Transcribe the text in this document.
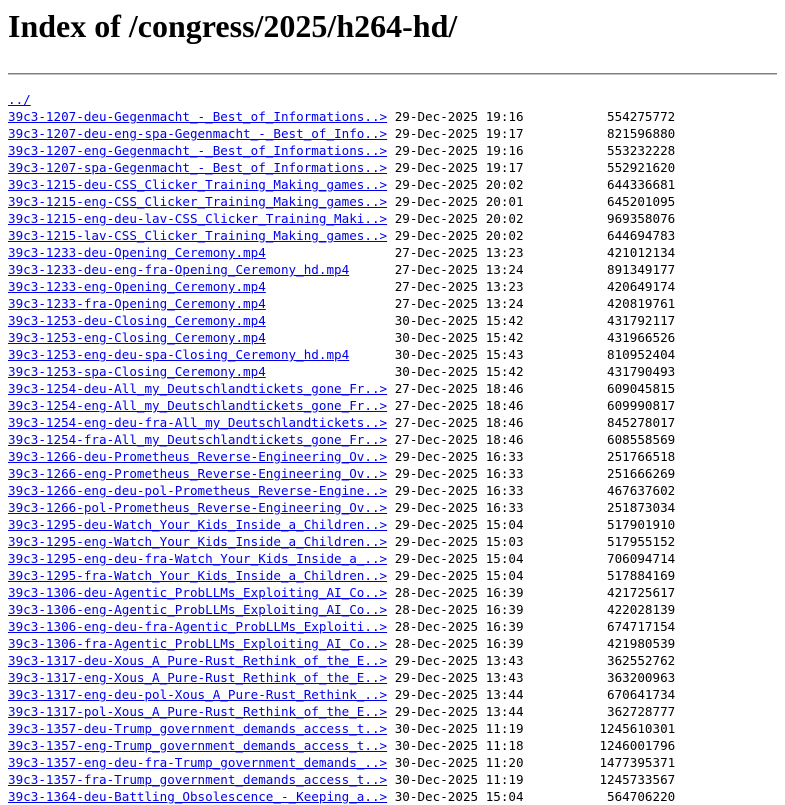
Index of /congress/2025/h264-hd/
../
39c3-1207-deu-Gegenmacht_-_Best_of_Informations..> 29-Dec-2025 19:16	554275772
39c3-1207-deu-eng-spa-Gegenmacht_-_Best_of_Info..> 29-Dec-2025 19:17	821596880
39c3-1207-eng-Gegenmacht_-_Best_of_Informations..> 29-Dec-2025 19:16	553232228
39c3-1207-spa-Gegenmacht_-_Best_of_Informations..> 29-Dec-2025 19:17	552921620
39c3-1215-deu-CSS_Clicker_Training_Making_games..> 29-Dec-2025 20:02	644336681
39c3-1215-eng-CSS_Clicker_Training_Making_games..> 29-Dec-2025 20:01	645201095
39c3-1215-eng-deu-lav-CSS_Clicker_Training_Maki..> 29-Dec-2025 20:02	969358076
39c3-1215-lav-CSS_Clicker_Training_Making_games..> 29-Dec-2025 20:02	644694783
39c3-1233-deu-Opening_Ceremony.mp4	27-Dec-2025 13:23	421012134
39c3-1233-deu-eng-fra-Opening_Ceremony_hd.mp4	27-Dec-2025 13:24	891349177
39c3-1233-eng-Opening_Ceremony.mp4	27-Dec-2025 13:23	420649174
39c3-1233-fra-Opening_Ceremony.mp4	27-Dec-2025 13:24	420819761
39c3-1253-deu-Closing_Ceremony.mp4	30-Dec-2025 15:42	431792117
39c3-1253-eng-Closing_Ceremony.mp4	30-Dec-2025 15:42	431966526
39c3-1253-eng-deu-spa-Closing_Ceremony_hd.mp4	30-Dec-2025 15:43	810952404
39c3-1253-spa-Closing_Ceremony.mp4	30-Dec-2025 15:42	431790493
39c3-1254-deu-All_my_Deutschlandtickets_gone_Fr..> 27-Dec-2025 18:46	609045815
39c3-1254-eng-All_my_Deutschlandtickets_gone_Fr..> 27-Dec-2025 18:46	609990817
39c3-1254-eng-deu-fra-All_my_Deutschlandtickets..> 27-Dec-2025 18:46	845278017
39c3-1254-fra-All_my_Deutschlandtickets_gone_Fr..> 27-Dec-2025 18:46	608558569
39c3-1266-deu-Prometheus_Reverse-Engineering_Ov..> 29-Dec-2025 16:33	251766518
39c3-1266-eng-Prometheus_Reverse-Engineering_Ov..> 29-Dec-2025 16:33	251666269
39c3-1266-eng-deu-pol-Prometheus_Reverse-Engine..> 29-Dec-2025 16:33	467637602
39c3-1266-pol-Prometheus_Reverse-Engineering_Ov..> 29-Dec-2025 16:33	251873034
39c3-1295-deu-Watch_Your_Kids_Inside_a_Children..> 29-Dec-2025 15:04	517901910
39c3-1295-eng-Watch_Your_Kids_Inside_a_Children..> 29-Dec-2025 15:03	517955152
39c3-1295-eng-deu-fra-Watch_Your_Kids_Inside_a_..> 29-Dec-2025 15:04	706094714
39c3-1295-fra-Watch_Your_Kids_Inside_a_Children..> 29-Dec-2025 15:04	517884169
39c3-1306-deu-Agentic_ProbLLMs_Exploiting_AI_Co..> 28-Dec-2025 16:39	421725617
39c3-1306-eng-Agentic_ProbLLMs_Exploiting_AI_Co..> 28-Dec-2025 16:39	422028139
39c3-1306-eng-deu-fra-Agentic_ProbLLMs_Exploiti..> 28-Dec-2025 16:39	674717154
39c3-1306-fra-Agentic_ProbLLMs_Exploiting_AI_Co..> 28-Dec-2025 16:39	421980539
39c3-1317-deu-Xous_A_Pure-Rust_Rethink_of_the_E..> 29-Dec-2025 13:43	362552762
39c3-1317-eng-Xous_A_Pure-Rust_Rethink_of_the_E..> 29-Dec-2025 13:43	363200963
39c3-1317-eng-deu-pol-Xous_A_Pure-Rust_Rethink_..> 29-Dec-2025 13:44	670641734
39c3-1317-pol-Xous_A_Pure-Rust_Rethink_of_the_E..> 29-Dec-2025 13:44	362728777
39c3-1357-deu-Trump_government_demands_access_t..> 30-Dec-2025 11:19	1245610301
39c3-1357-eng-Trump_government_demands_access_t..> 30-Dec-2025 11:18	1246001796
39c3-1357-eng-deu-fra-Trump_government_demands_..> 30-Dec-2025 11:20	1477395371
39c3-1357-fra-Trump_government_demands_access_t..> 30-Dec-2025 11:19	1245733567
39c3-1364-deu-Battling_Obsolescence_-_Keeping_a..> 30-Dec-2025 15:04	564706220
